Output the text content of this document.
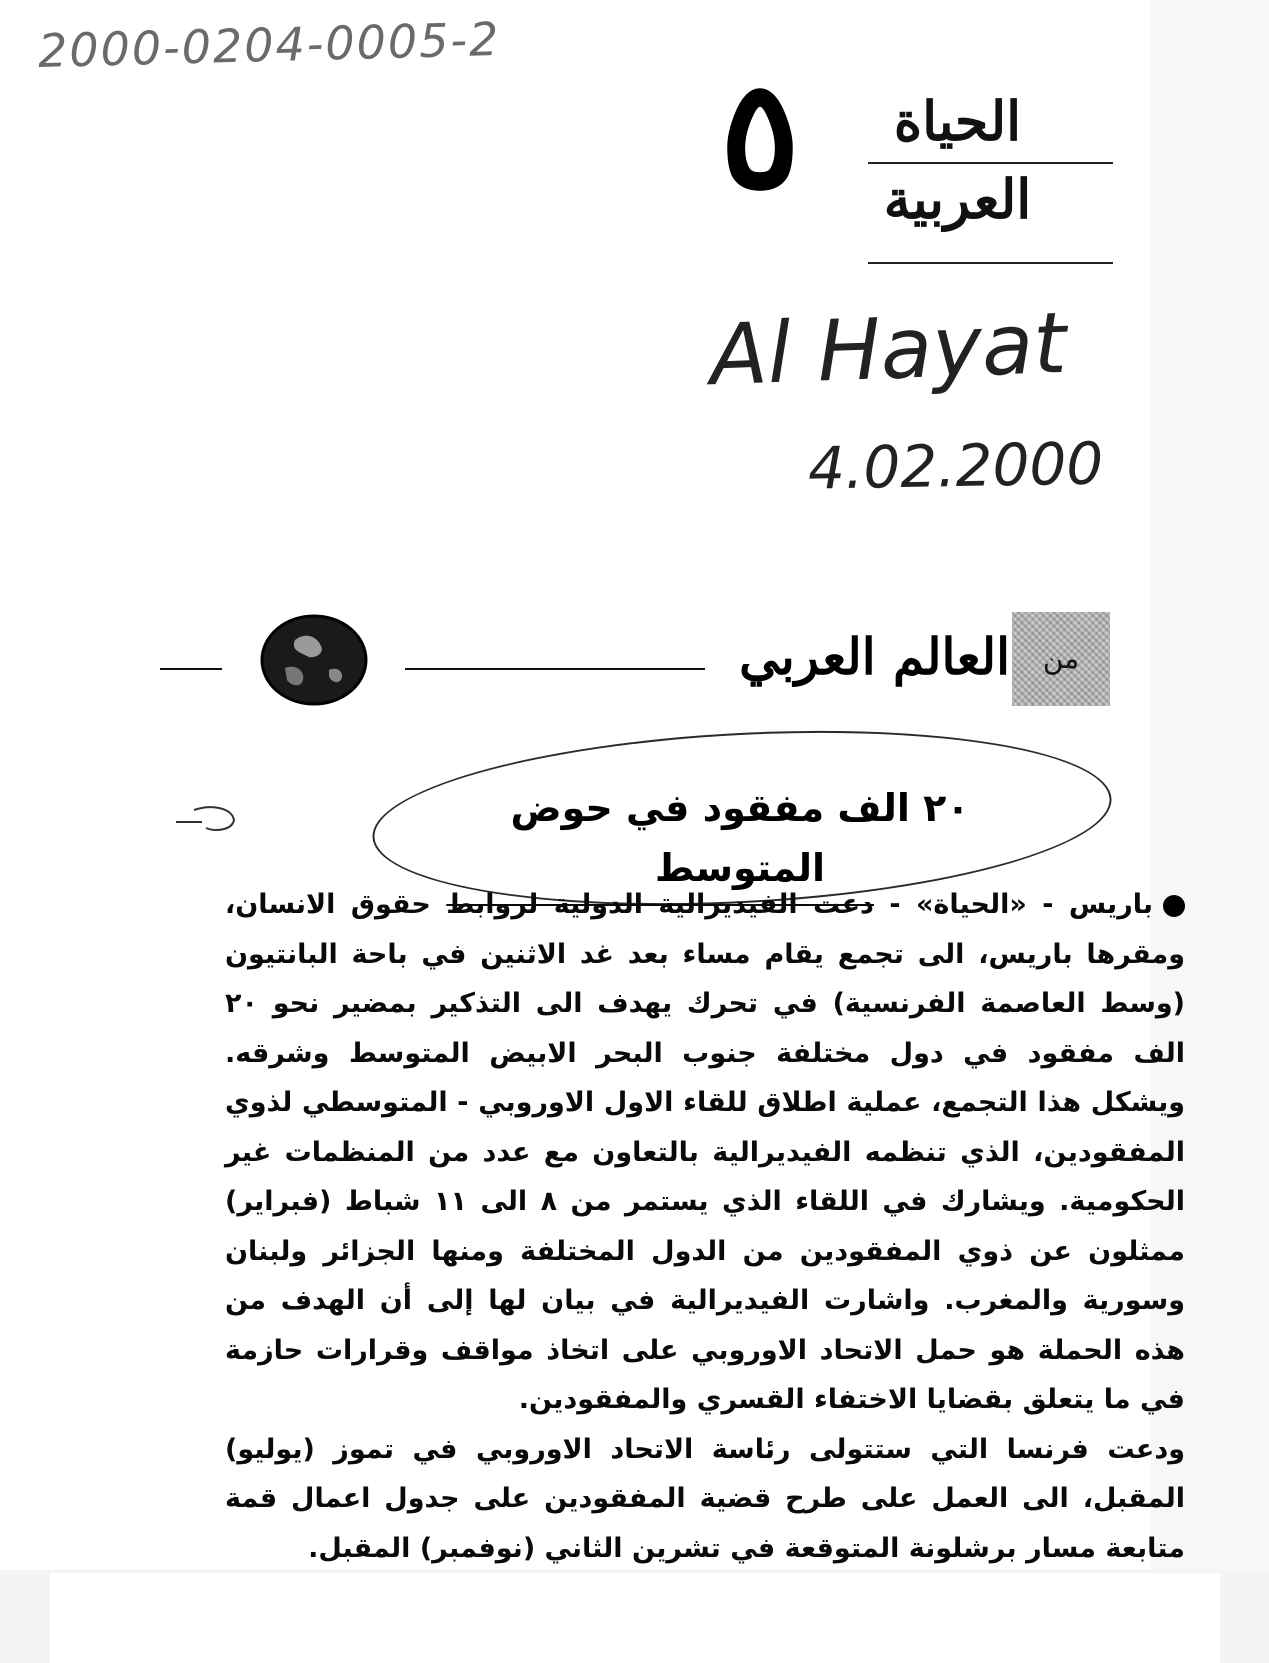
2000-0204-0005-2
Al Hayat
4.02.2000
٥	الحياة
العربية
العالم العربي	من
٢٠ الف مفقود في حوض المتوسط

باريس - «الحياة» - دعت الفيديرالية الدولية لروابط حقوق الانسان، ومقرها باريس، الى تجمع يقام مساء بعد غد الاثنين في باحة البانتيون (وسط العاصمة الفرنسية) في تحرك يهدف الى التذكير بمضير نحو ٢٠ الف مفقود في دول مختلفة جنوب البحر الابيض المتوسط وشرقه. ويشكل هذا التجمع، عملية اطلاق للقاء الاول الاوروبي - المتوسطي لذوي المفقودين، الذي تنظمه الفيديرالية بالتعاون مع عدد من المنظمات غير الحكومية. ويشارك في اللقاء الذي يستمر من ٨ الى ١١ شباط (فبراير) ممثلون عن ذوي المفقودين من الدول المختلفة ومنها الجزائر ولبنان وسورية والمغرب. واشارت الفيديرالية في بيان لها إلى أن الهدف من هذه الحملة هو حمل الاتحاد الاوروبي على اتخاذ مواقف وقرارات حازمة في ما يتعلق بقضايا الاختفاء القسري والمفقودين.

ودعت فرنسا التي ستتولى رئاسة الاتحاد الاوروبي في تموز (يوليو) المقبل، الى العمل على طرح قضية المفقودين على جدول اعمال قمة متابعة مسار برشلونة المتوقعة في تشرين الثاني (نوفمبر) المقبل.
